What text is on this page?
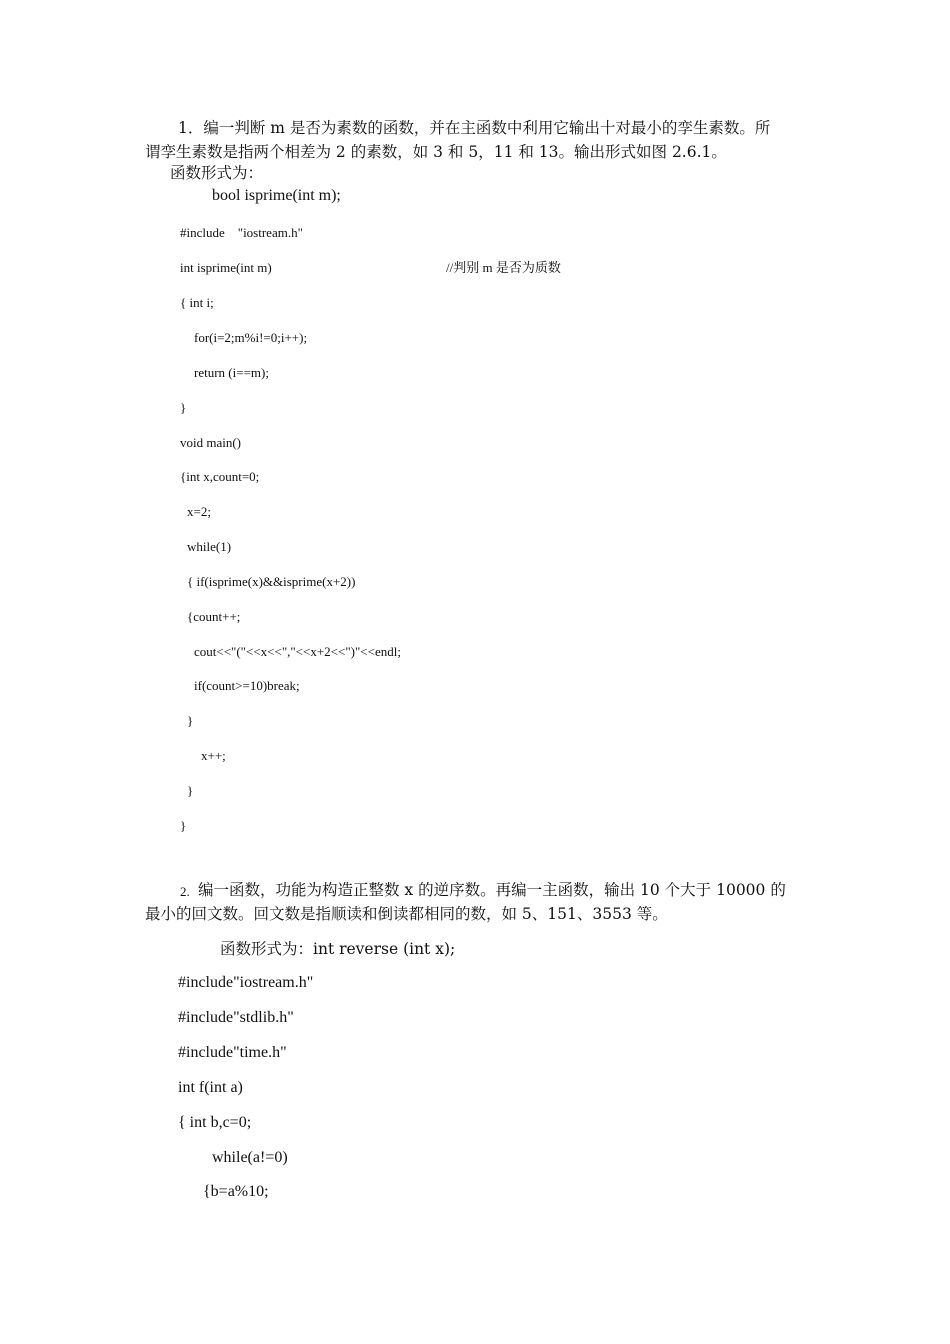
1．编一判断 m 是否为素数的函数，并在主函数中利用它输出十对最小的孪生素数。所
谓孪生素数是指两个相差为 2 的素数，如 3 和 5，11 和 13。输出形式如图 2.6.1。
函数形式为：
bool isprime(int m);
#include    "iostream.h"
int isprime(int m)	//判别 m 是否为质数
{ int i;
for(i=2;m%i!=0;i++);
return (i==m);
}
void main()
{int x,count=0;
x=2;
while(1)
{ if(isprime(x)&&isprime(x+2))
{count++;
cout<<"("<<x<<","<<x+2<<")"<<endl;
if(count>=10)break;
}
x++;
}
}
2. 编一函数，功能为构造正整数 x 的逆序数。再编一主函数，输出 10 个大于 10000 的
最小的回文数。回文数是指顺读和倒读都相同的数，如 5、151、3553 等。
函数形式为：int reverse (int x);
#include"iostream.h"
#include"stdlib.h"
#include"time.h"
int f(int a)
{ int b,c=0;
while(a!=0)
{b=a%10;
